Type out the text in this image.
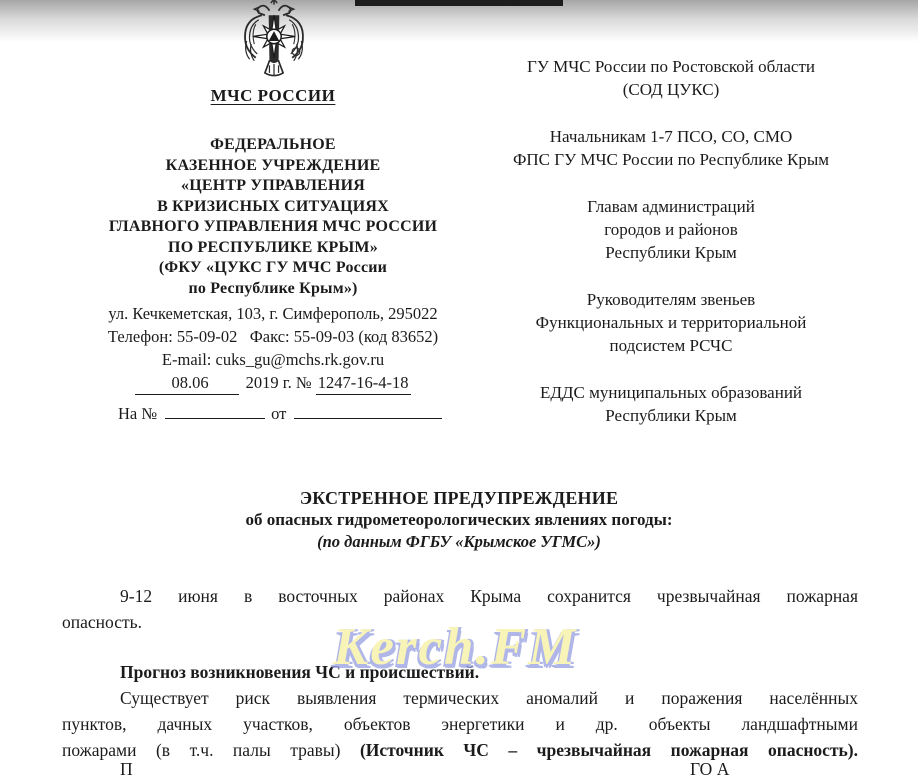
МЧС РОССИИ
ФЕДЕРАЛЬНОЕ
КАЗЕННОЕ УЧРЕЖДЕНИЕ
«ЦЕНТР УПРАВЛЕНИЯ
В КРИЗИСНЫХ СИТУАЦИЯХ
ГЛАВНОГО УПРАВЛЕНИЯ МЧС РОССИИ
ПО РЕСПУБЛИКЕ КРЫМ»
(ФКУ «ЦУКС ГУ МЧС России
по Республике Крым»)
ул. Кечкеметская, 103, г. Симферополь, 295022
Телефон: 55-09-02   Факс: 55-09-03 (код 83652)
E-mail: cuks_gu@mchs.rk.gov.ru
08.06 2019 г. № 1247-16-4-18
На №	от
ГУ МЧС России по Ростовской области
(СОД ЦУКС)
Начальникам 1-7 ПСО, СО, СМО
ФПС ГУ МЧС России по Республике Крым
Главам администраций
городов и районов
Республики Крым
Руководителям звеньев
Функциональных и территориальной
подсистем РСЧС
ЕДДС муниципальных образований
Республики Крым
ЭКСТРЕННОЕ ПРЕДУПРЕЖДЕНИЕ
об опасных гидрометеорологических явлениях погоды:
(по данным ФГБУ «Крымское УГМС»)
9-12 июня в восточных районах Крыма сохранится чрезвычайная пожарная
опасность.
Прогноз возникновения ЧС и происшествий.
Существует риск выявления термических аномалий и поражения населённых
пунктов, дачных участков, объектов энергетики и др. объекты ландшафтными
пожарами (в т.ч. палы травы) (Источник ЧС – чрезвычайная пожарная опасность).
П	ГО А
Kerch.FM
